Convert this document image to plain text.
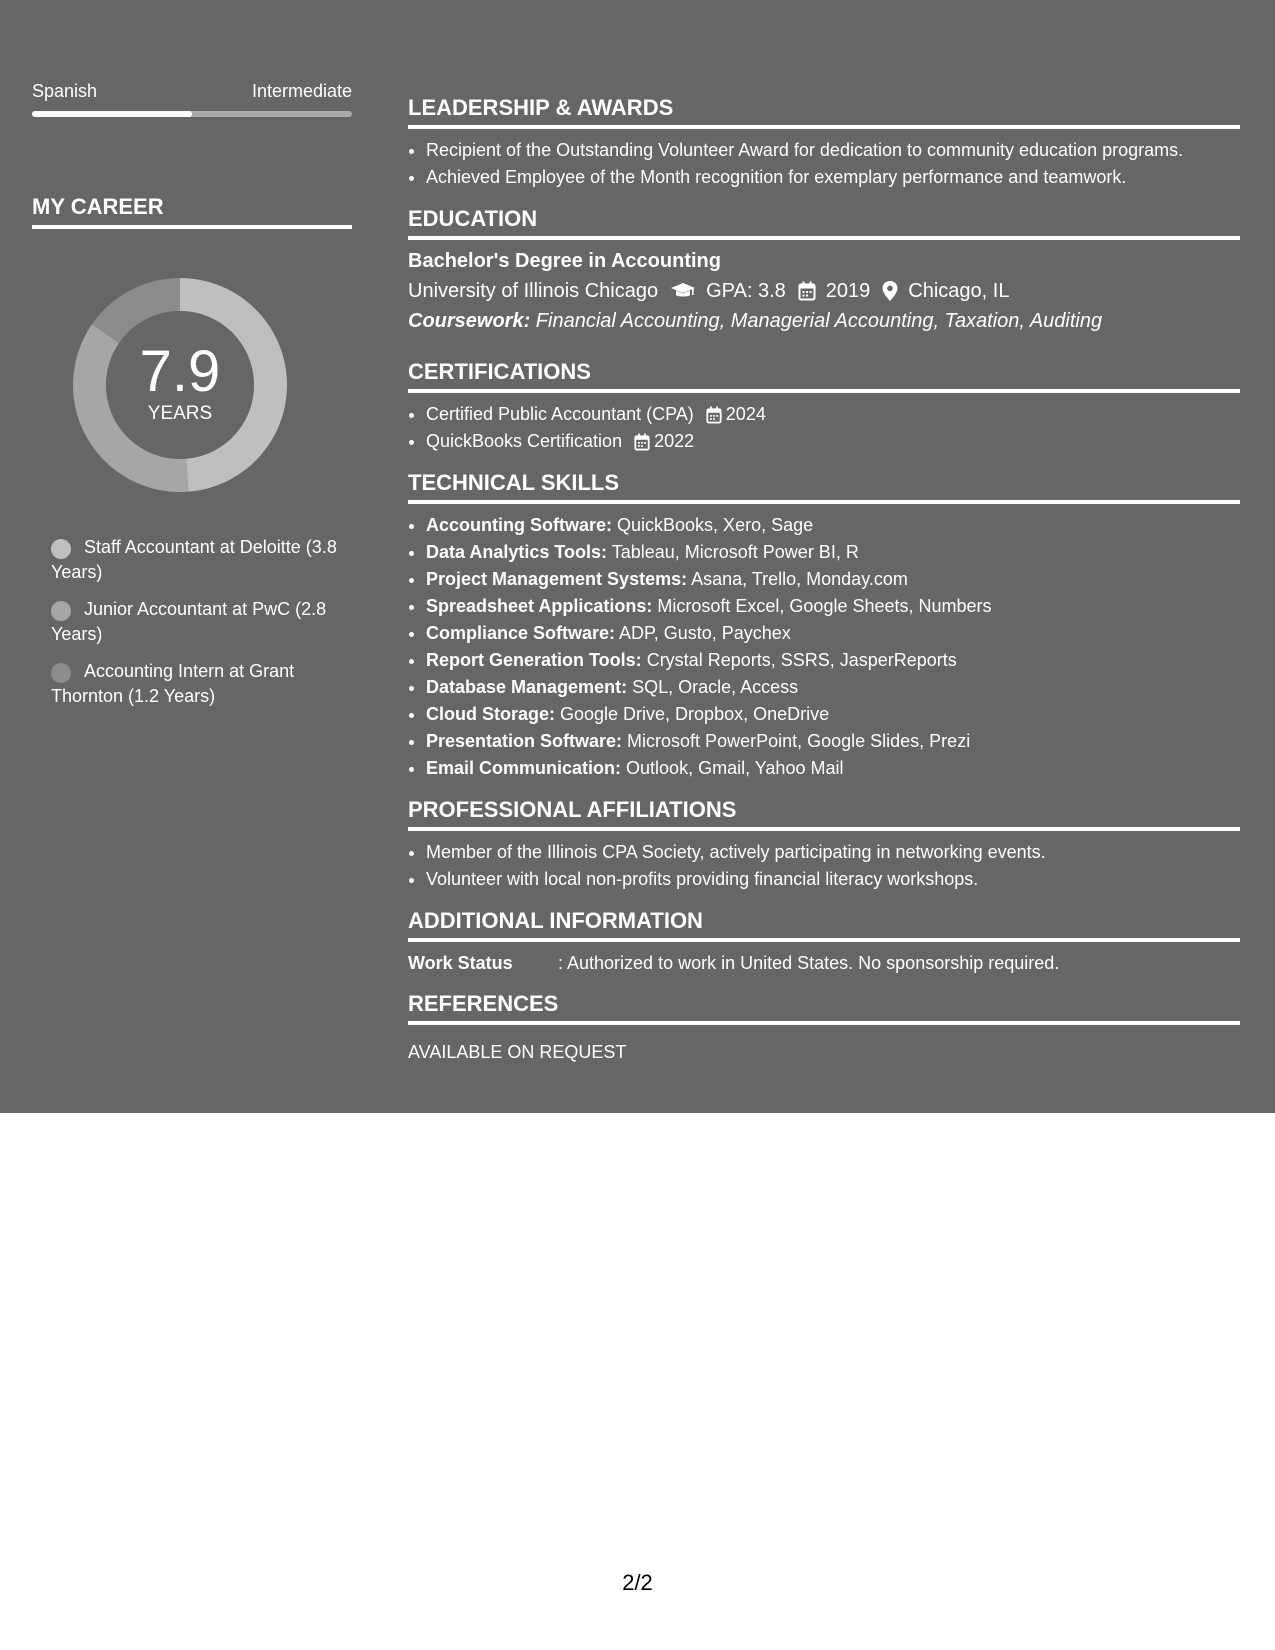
Spanish	Intermediate
MY CAREER
7.9
YEARS
Staff Accountant at Deloitte (3.8 Years)
Junior Accountant at PwC (2.8 Years)
Accounting Intern at Grant Thornton (1.2 Years)
LEADERSHIP & AWARDS
• Recipient of the Outstanding Volunteer Award for dedication to community education programs.
• Achieved Employee of the Month recognition for exemplary performance and teamwork.
EDUCATION
Bachelor's Degree in Accounting
University of Illinois Chicago GPA: 3.8 2019 Chicago, IL
Coursework: Financial Accounting, Managerial Accounting, Taxation, Auditing
CERTIFICATIONS
• Certified Public Accountant (CPA) 2024
• QuickBooks Certification 2022
TECHNICAL SKILLS
• Accounting Software: QuickBooks, Xero, Sage
• Data Analytics Tools: Tableau, Microsoft Power BI, R
• Project Management Systems: Asana, Trello, Monday.com
• Spreadsheet Applications: Microsoft Excel, Google Sheets, Numbers
• Compliance Software: ADP, Gusto, Paychex
• Report Generation Tools: Crystal Reports, SSRS, JasperReports
• Database Management: SQL, Oracle, Access
• Cloud Storage: Google Drive, Dropbox, OneDrive
• Presentation Software: Microsoft PowerPoint, Google Slides, Prezi
• Email Communication: Outlook, Gmail, Yahoo Mail
PROFESSIONAL AFFILIATIONS
• Member of the Illinois CPA Society, actively participating in networking events.
• Volunteer with local non-profits providing financial literacy workshops.
ADDITIONAL INFORMATION
Work Status	: Authorized to work in United States. No sponsorship required.
REFERENCES
AVAILABLE ON REQUEST
2/2
